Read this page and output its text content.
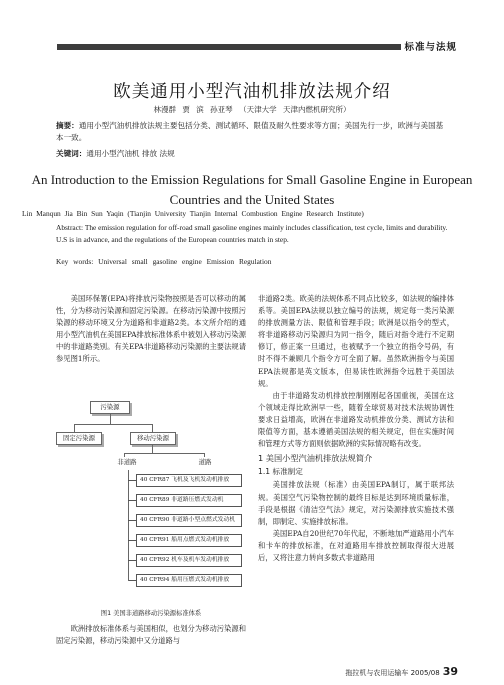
标准与法规
欧美通用小型汽油机排放法规介绍
林漫群 贾 滨 孙亚琴 （天津大学 天津内燃机研究所）
摘要：通用小型汽油机排放法规主要包括分类、测试循环、限值及耐久性要求等方面；美国先行一步，欧洲与美国基本一致。
关键词：通用小型汽油机 排放 法规
An Introduction to the Emission Regulations for Small Gasoline Engine in European Countries and the United States
Lin Manqun Jia Bin Sun Yaqin (Tianjin University Tianjin Internal Combustion Engine Research Institute)
Abstract: The emission regulation for off-road small gasoline engines mainly includes classification, test cycle, limits and durability. U.S is in advance, and the regulations of the European countries match in step.
Key words: Universal small gasoline engine Emission Regulation

美国环保署(EPA)将排放污染物按照是否可以移动的属性，分为移动污染源和固定污染源。在移动污染源中按照污染源的移动环境又分为道路和非道路2类。本文所介绍的通用小型汽油机在美国EPA排放标准体系中被划入移动污染源中的非道路类别。有关EPA非道路移动污染源的主要法规请参见图1所示。

污染源
固定污染源	移动污染源
非道路	道路
40 CFR87 飞机及飞机发动机排放
40 CFR89 非道路压燃式发动机
40 CFR90 非道路小型点燃式发动机
40 CFR91 船用点燃式发动机排放
40 CFR92 机车及机车发动机排放
40 CFR94 船用压燃式发动机排放
图1 美国非道路移动污染源标准体系

欧洲排放标准体系与美国相似，也划分为移动污染源和固定污染源，移动污染源中又分道路与

非道路2类。欧美的法规体系不同点比较多，如法规的编排体系等。美国EPA法规以独立编号的法规，规定每一类污染源的排放测量方法、限值和管理手段；欧洲是以指令的型式，将非道路移动污染源归为同一指令，随后对指令进行不定期修订，修正案一旦通过，也被赋予一个独立的指令号码，有时不得不兼顾几个指令方可全面了解。虽然欧洲指令与美国EPA法规都是英文版本，但易读性欧洲指令远胜于美国法规。

由于非道路发动机排放控制刚刚起各国重视，美国在这个领域走得比欧洲早一些，随着全球贸易对技术法规协调性要求日益增高，欧洲在非道路发动机排放分类、测试方法和限值等方面，基本遵循美国法规的相关规定，但在实施时间和管理方式等方面则依据欧洲的实际情况略有改变。

1 美国小型汽油机排放法规简介
1.1 标准制定

美国排放法规（标准）由美国EPA制订，属于联邦法规。美国空气污染物控制的最终目标是达到环境质量标准，手段是根据《清洁空气法》规定，对污染源排放实施技术强制，即制定、实施排放标准。

美国EPA自20世纪70年代起，不断地加严道路用小汽车和卡车的排放标准，在对道路用车排放控制取得很大进展后，又将注意力转向多数式非道路用

拖拉机与农用运输车 2005/08 39
